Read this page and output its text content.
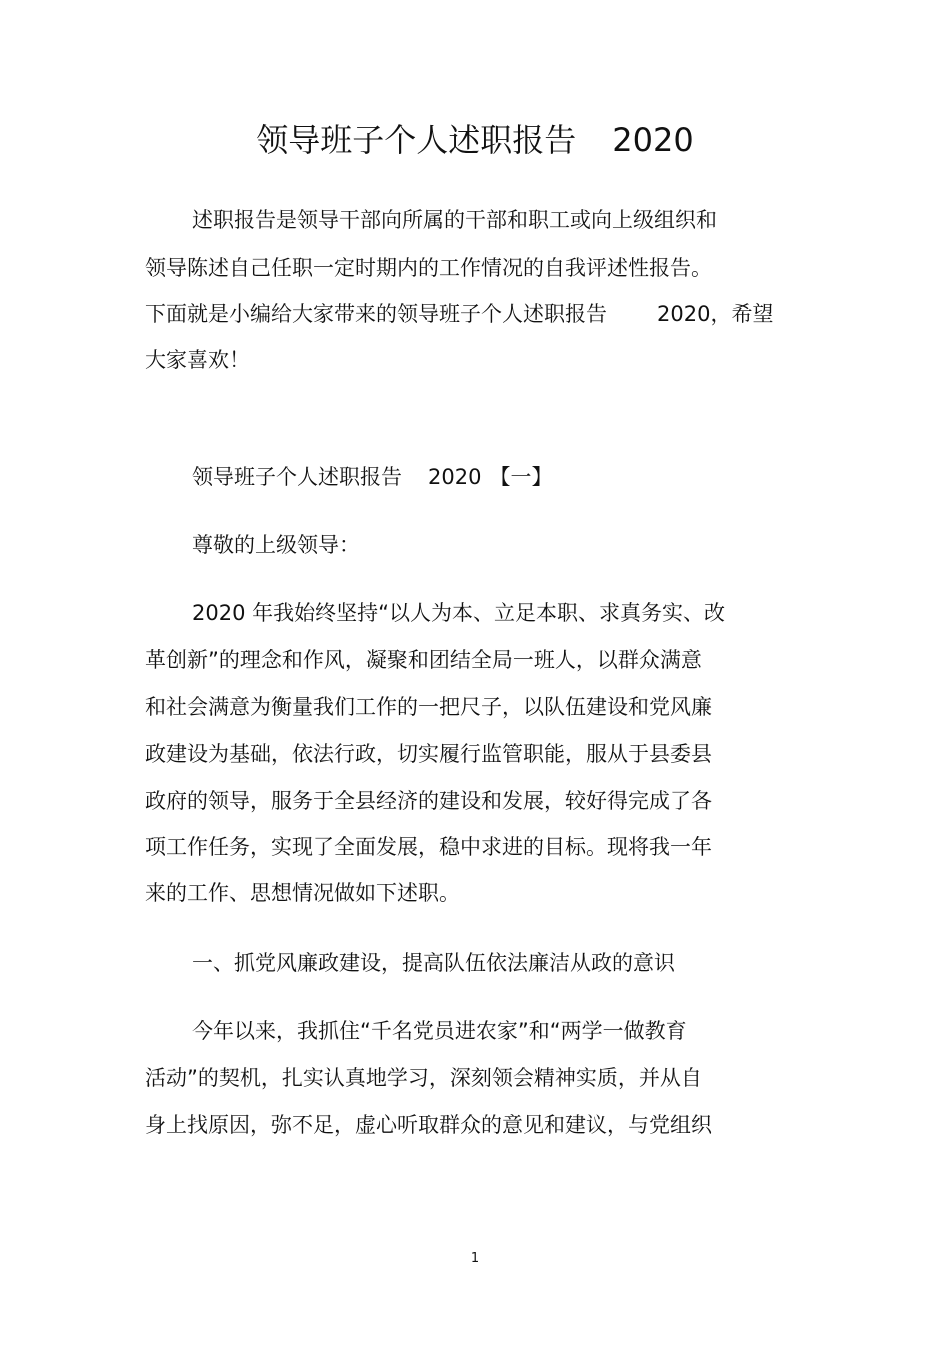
领导班子个人述职报告 2020
述职报告是领导干部向所属的干部和职工或向上级组织和
领导陈述自己任职一定时期内的工作情况的自我评述性报告。
下面就是小编给大家带来的领导班子个人述职报告 2020，希望
大家喜欢！
领导班子个人述职报告 2020 【一】
尊敬的上级领导：
2020 年我始终坚持“以人为本、立足本职、求真务实、改
革创新”的理念和作风，凝聚和团结全局一班人，以群众满意
和社会满意为衡量我们工作的一把尺子，以队伍建设和党风廉
政建设为基础，依法行政，切实履行监管职能，服从于县委县
政府的领导，服务于全县经济的建设和发展，较好得完成了各
项工作任务，实现了全面发展，稳中求进的目标。现将我一年
来的工作、思想情况做如下述职。
一、抓党风廉政建设，提高队伍依法廉洁从政的意识
今年以来，我抓住“千名党员进农家”和“两学一做教育
活动”的契机，扎实认真地学习，深刻领会精神实质，并从自
身上找原因，弥不足，虚心听取群众的意见和建议，与党组织
1
